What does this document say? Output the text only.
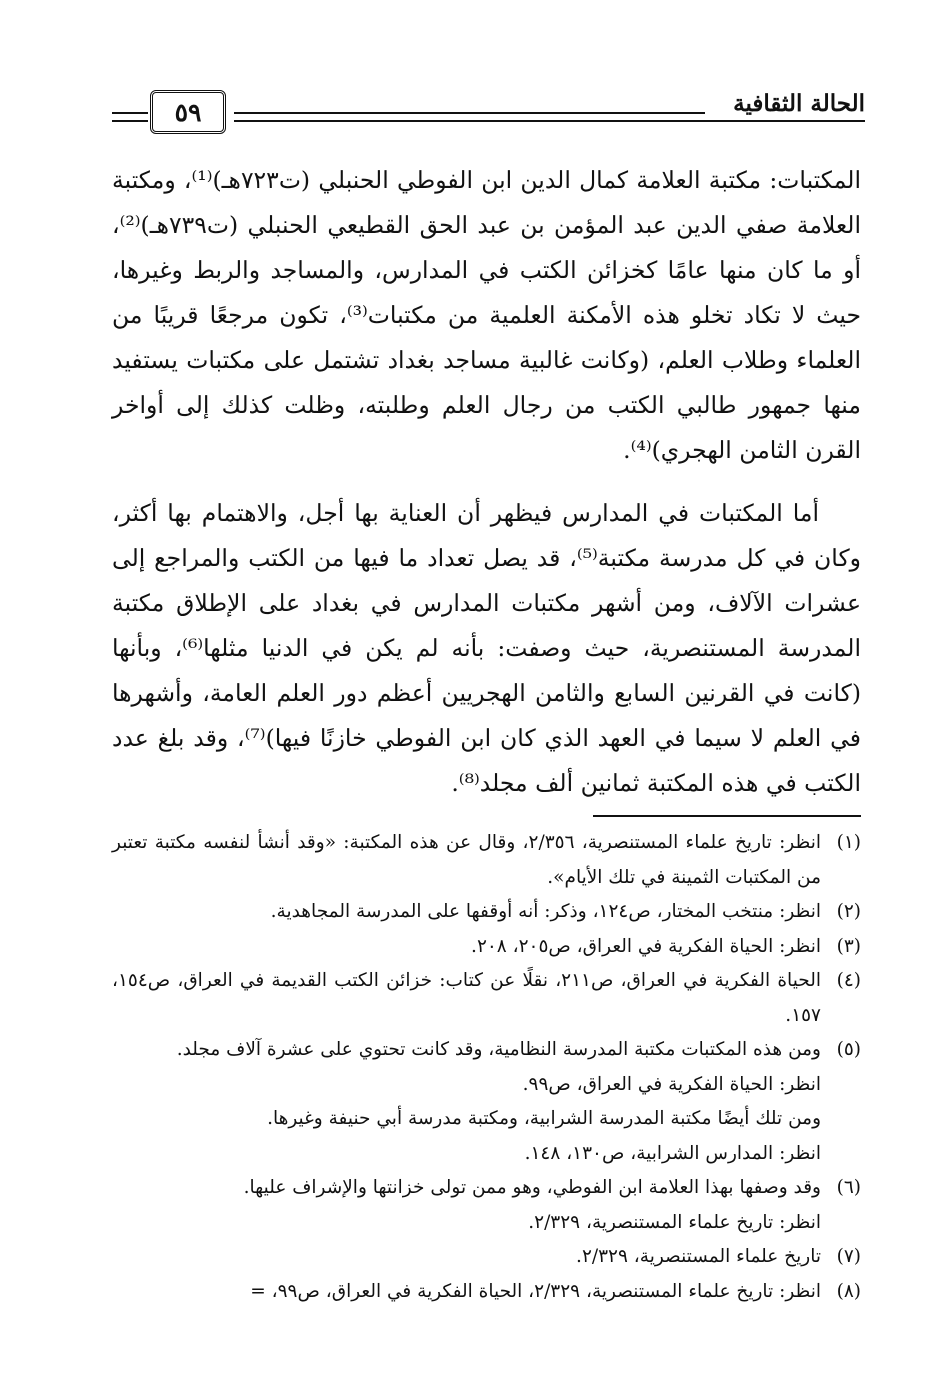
الحالة الثقافية
٥٩

المكتبات: مكتبة العلامة كمال الدين ابن الفوطي الحنبلي (ت٧٢٣هـ)⁽¹⁾، ومكتبة العلامة صفي الدين عبد المؤمن بن عبد الحق القطيعي الحنبلي (ت٧٣٩هـ)⁽²⁾، أو ما كان منها عامًا كخزائن الكتب في المدارس، والمساجد والربط وغيرها، حيث لا تكاد تخلو هذه الأمكنة العلمية من مكتبات⁽³⁾، تكون مرجعًا قريبًا من العلماء وطلاب العلم، (وكانت غالبية مساجد بغداد تشتمل على مكتبات يستفيد منها جمهور طالبي الكتب من رجال العلم وطلبته، وظلت كذلك إلى أواخر القرن الثامن الهجري)⁽⁴⁾.

أما المكتبات في المدارس فيظهر أن العناية بها أجل، والاهتمام بها أكثر، وكان في كل مدرسة مكتبة⁽⁵⁾، قد يصل تعداد ما فيها من الكتب والمراجع إلى عشرات الآلاف، ومن أشهر مكتبات المدارس في بغداد على الإطلاق مكتبة المدرسة المستنصرية، حيث وصفت: بأنه لم يكن في الدنيا مثلها⁽⁶⁾، وبأنها (كانت في القرنين السابع والثامن الهجريين أعظم دور العلم العامة، وأشهرها في العلم لا سيما في العهد الذي كان ابن الفوطي خازنًا فيها)⁽⁷⁾، وقد بلغ عدد الكتب في هذه المكتبة ثمانين ألف مجلد⁽⁸⁾.

(١)
انظر: تاريخ علماء المستنصرية، ٢/٣٥٦، وقال عن هذه المكتبة: «وقد أنشأ لنفسه مكتبة تعتبر من المكتبات الثمينة في تلك الأيام».
(٢)
انظر: منتخب المختار، ص١٢٤، وذكر: أنه أوقفها على المدرسة المجاهدية.
(٣)
انظر: الحياة الفكرية في العراق، ص٢٠٥، ٢٠٨.
(٤)
الحياة الفكرية في العراق، ص٢١١، نقلًا عن كتاب: خزائن الكتب القديمة في العراق، ص١٥٤، ١٥٧.
(٥)
ومن هذه المكتبات مكتبة المدرسة النظامية، وقد كانت تحتوي على عشرة آلاف مجلد.
انظر: الحياة الفكرية في العراق، ص٩٩.
ومن تلك أيضًا مكتبة المدرسة الشرابية، ومكتبة مدرسة أبي حنيفة وغيرها.
انظر: المدارس الشرابية، ص١٣٠، ١٤٨.
(٦)
وقد وصفها بهذا العلامة ابن الفوطي، وهو ممن تولى خزانتها والإشراف عليها.
انظر: تاريخ علماء المستنصرية، ٢/٣٢٩.
(٧)
تاريخ علماء المستنصرية، ٢/٣٢٩.
(٨)
انظر: تاريخ علماء المستنصرية، ٢/٣٢٩، الحياة الفكرية في العراق، ص٩٩، =
